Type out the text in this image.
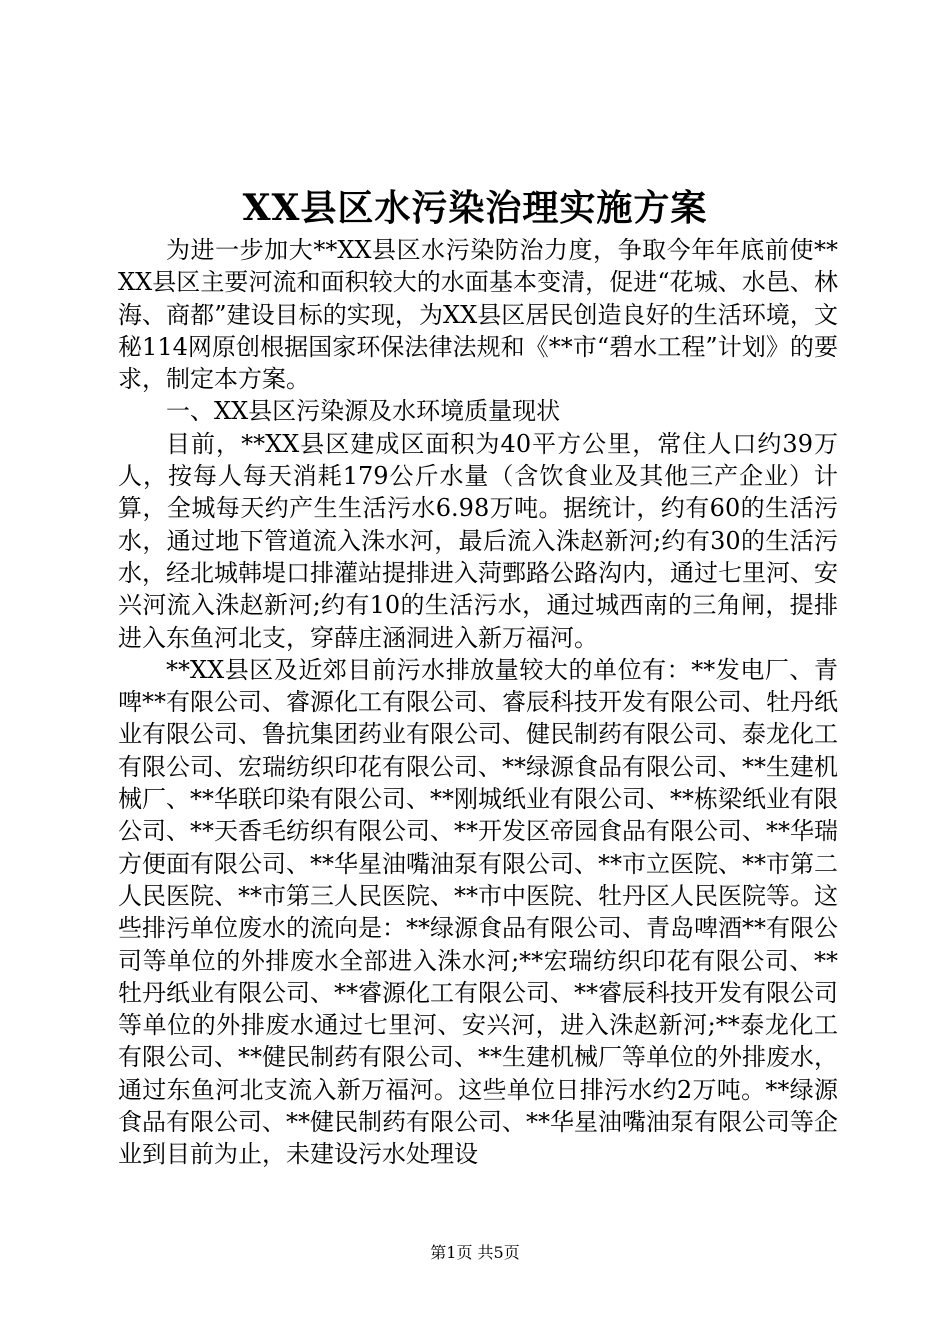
XX县区水污染治理实施方案

为进一步加大**XX县区水污染防治力度，争取今年年底前使**XX县区主要河流和面积较大的水面基本变清，促进“花城、水邑、林海、商都”建设目标的实现，为XX县区居民创造良好的生活环境，文秘114网原创根据国家环保法律法规和《**市“碧水工程”计划》的要求，制定本方案。

一、XX县区污染源及水环境质量现状

目前，**XX县区建成区面积为40平方公里，常住人口约39万人，按每人每天消耗179公斤水量（含饮食业及其他三产企业）计算，全城每天约产生生活污水6.98万吨。据统计，约有60的生活污水，通过地下管道流入洙水河，最后流入洙赵新河;约有30的生活污水，经北城韩堤口排灌站提排进入菏鄄路公路沟内，通过七里河、安兴河流入洙赵新河;约有10的生活污水，通过城西南的三角闸，提排进入东鱼河北支，穿薛庄涵洞进入新万福河。

**XX县区及近郊目前污水排放量较大的单位有：**发电厂、青啤**有限公司、睿源化工有限公司、睿辰科技开发有限公司、牡丹纸业有限公司、鲁抗集团药业有限公司、健民制药有限公司、泰龙化工有限公司、宏瑞纺织印花有限公司、**绿源食品有限公司、**生建机械厂、**华联印染有限公司、**刚城纸业有限公司、**栋梁纸业有限公司、**天香毛纺织有限公司、**开发区帝园食品有限公司、**华瑞方便面有限公司、**华星油嘴油泵有限公司、**市立医院、**市第二人民医院、**市第三人民医院、**市中医院、牡丹区人民医院等。这些排污单位废水的流向是：**绿源食品有限公司、青岛啤酒**有限公司等单位的外排废水全部进入洙水河;**宏瑞纺织印花有限公司、**牡丹纸业有限公司、**睿源化工有限公司、**睿辰科技开发有限公司等单位的外排废水通过七里河、安兴河，进入洙赵新河;**泰龙化工有限公司、**健民制药有限公司、**生建机械厂等单位的外排废水，通过东鱼河北支流入新万福河。这些单位日排污水约2万吨。**绿源食品有限公司、**健民制药有限公司、**华星油嘴油泵有限公司等企业到目前为止，未建设污水处理设

第1页 共5页
